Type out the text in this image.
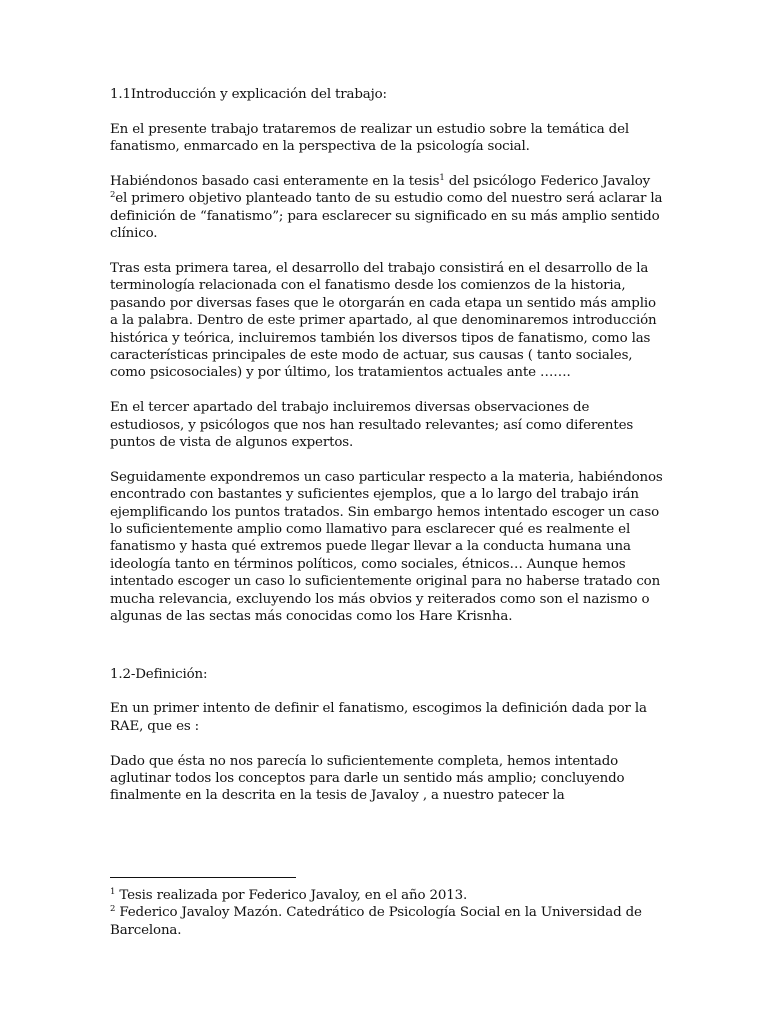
1.1Introducción y explicación del trabajo:
En el presente trabajo trataremos de realizar un estudio sobre la temática del
fanatismo, enmarcado en la perspectiva de la psicología social.
Habiéndonos basado casi enteramente en la tesis$^1$ del psicólogo Federico Javaloy
$^2$el primero objetivo planteado tanto de su estudio como del nuestro será aclarar la
definición de “fanatismo”; para esclarecer su significado en su más amplio sentido
clínico.
Tras esta primera tarea, el desarrollo del trabajo consistirá en el desarrollo de la
terminología relacionada con el fanatismo desde los comienzos de la historia,
pasando por diversas fases que le otorgarán en cada etapa un sentido más amplio
a la palabra. Dentro de este primer apartado, al que denominaremos introducción
histórica y teórica, incluiremos también los diversos tipos de fanatismo, como las
características principales de este modo de actuar, sus causas ( tanto sociales,
como psicosociales) y por último, los tratamientos actuales ante …….
En el tercer apartado del trabajo incluiremos diversas observaciones de
estudiosos, y psicólogos que nos han resultado relevantes; así como diferentes
puntos de vista de algunos expertos.
Seguidamente expondremos un caso particular respecto a la materia, habiéndonos
encontrado con bastantes y suficientes ejemplos, que a lo largo del trabajo irán
ejemplificando los puntos tratados. Sin embargo hemos intentado escoger un caso
lo suficientemente amplio como llamativo para esclarecer qué es realmente el
fanatismo y hasta qué extremos puede llegar llevar a la conducta humana una
ideología tanto en términos políticos, como sociales, étnicos… Aunque hemos
intentado escoger un caso lo suficientemente original para no haberse tratado con
mucha relevancia, excluyendo los más obvios y reiterados como son el nazismo o
algunas de las sectas más conocidas como los Hare Krisnha.
1.2-Definición:
En un primer intento de definir el fanatismo, escogimos la definición dada por la
RAE, que es :
Dado que ésta no nos parecía lo suficientemente completa, hemos intentado
aglutinar todos los conceptos para darle un sentido más amplio; concluyendo
finalmente en la descrita en la tesis de Javaloy , a nuestro patecer la
$^1$ Tesis realizada por Federico Javaloy, en el año 2013.
$^2$ Federico Javaloy Mazón. Catedrático de Psicología Social en la Universidad de
Barcelona.
